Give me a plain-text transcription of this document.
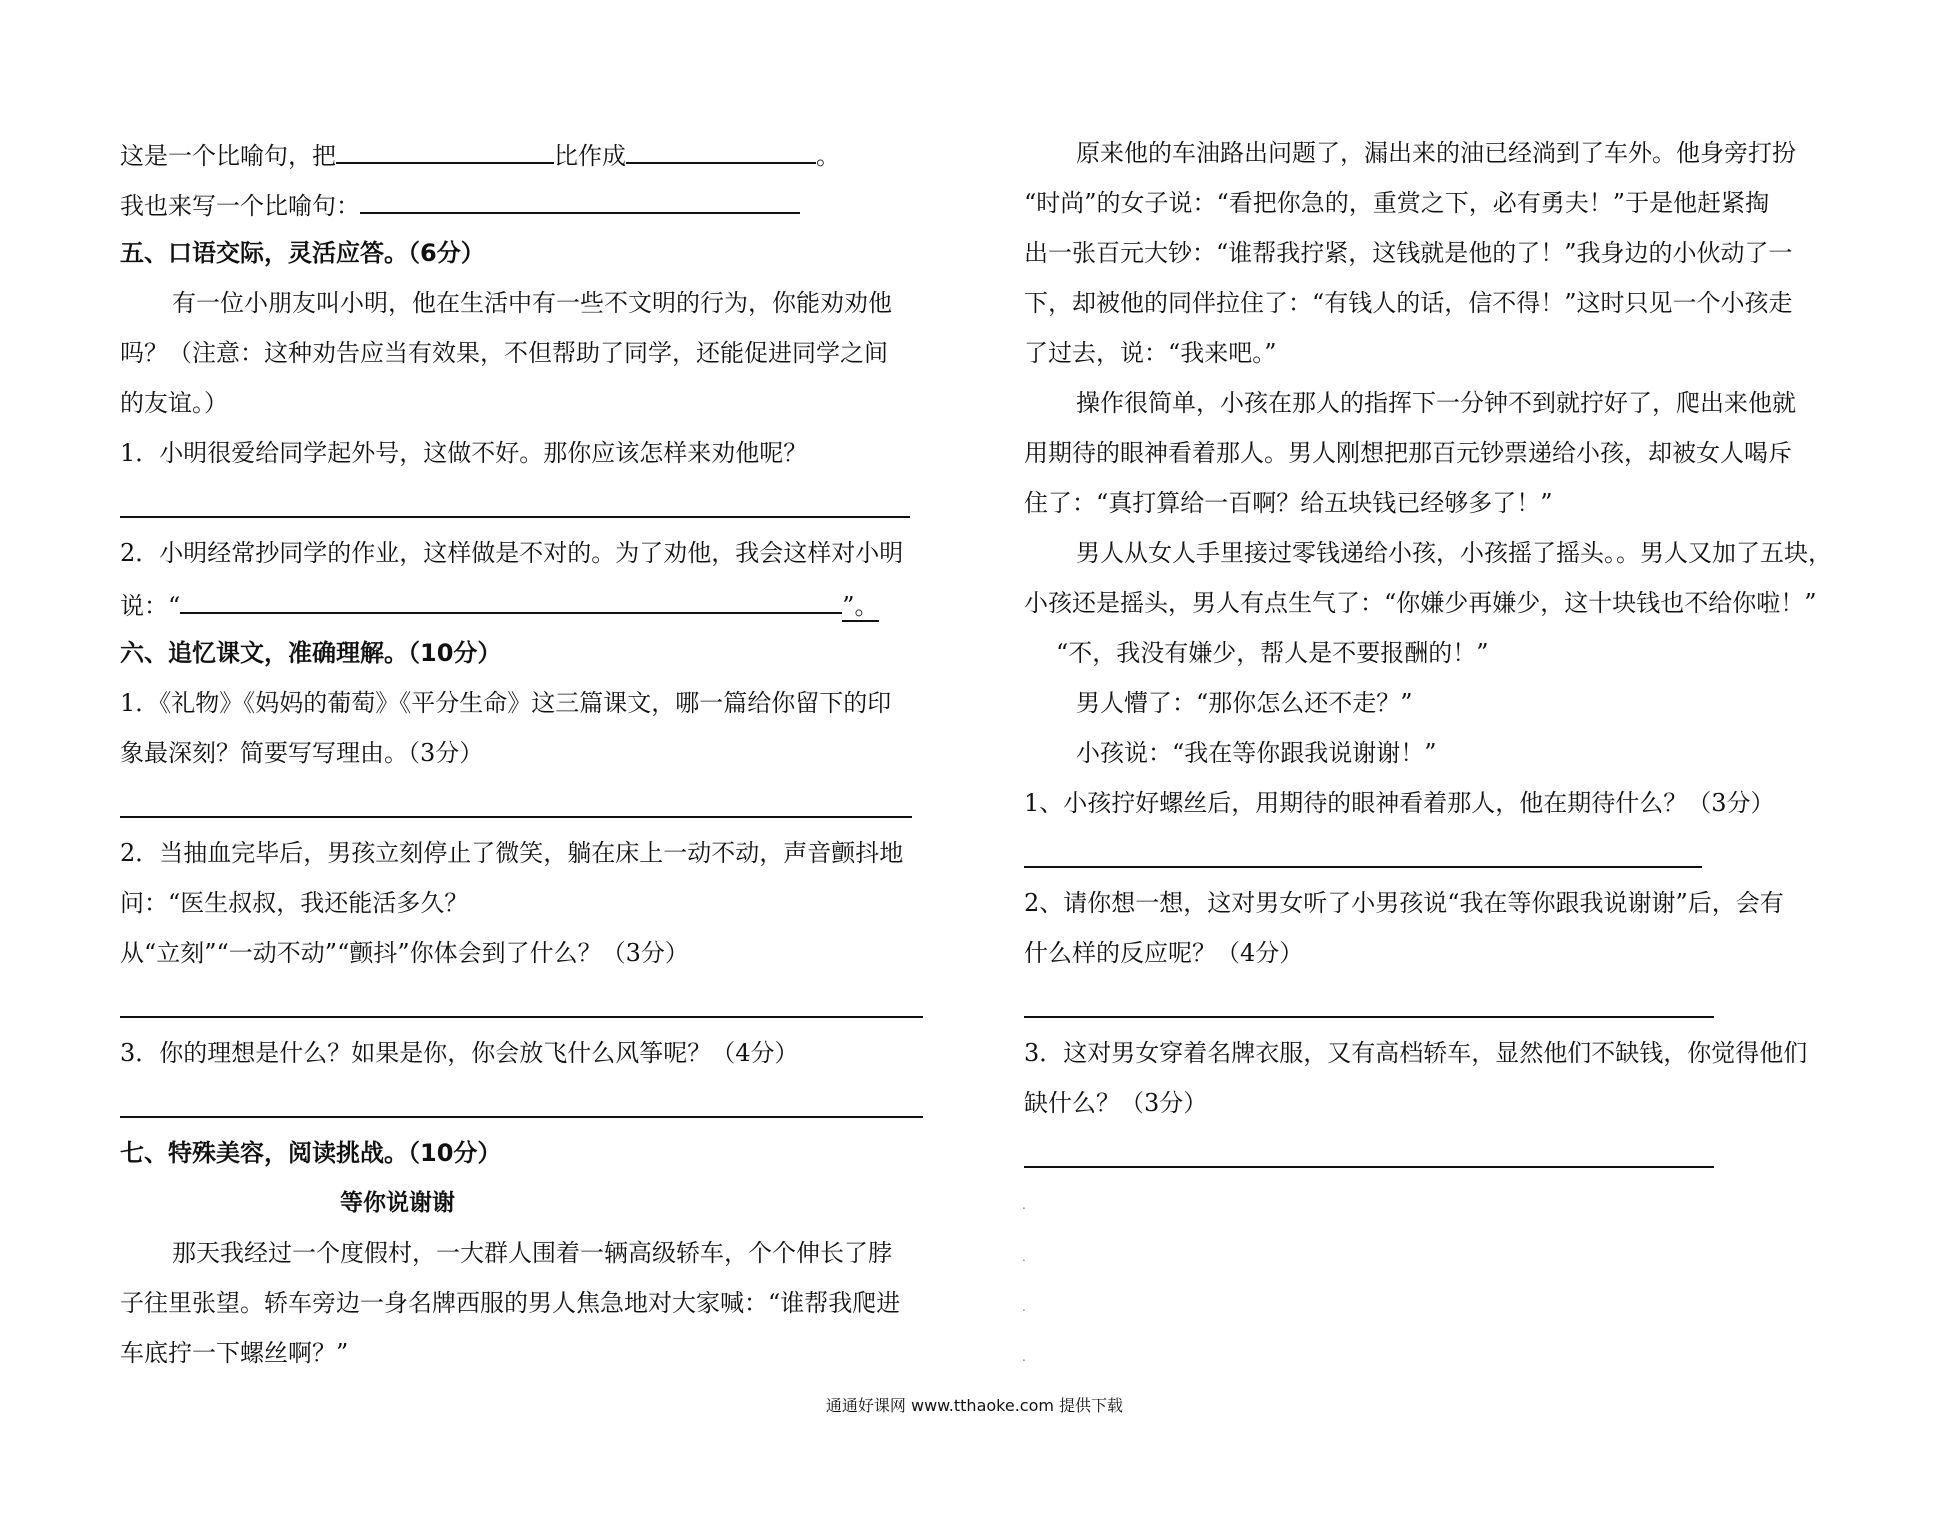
这是一个比喻句，把	比作成	。
我也来写一个比喻句：
五、口语交际，灵活应答。（6分）
有一位小朋友叫小明，他在生活中有一些不文明的行为，你能劝劝他
吗？（注意：这种劝告应当有效果，不但帮助了同学，还能促进同学之间
的友谊。）
1．小明很爱给同学起外号，这做不好。那你应该怎样来劝他呢？
2．小明经常抄同学的作业，这样做是不对的。为了劝他，我会这样对小明
说：“	”。
六、追忆课文，准确理解。（10分）
1．《礼物》《妈妈的葡萄》《平分生命》这三篇课文，哪一篇给你留下的印
象最深刻？简要写写理由。（3分）
2．当抽血完毕后，男孩立刻停止了微笑，躺在床上一动不动，声音颤抖地
问：“医生叔叔，我还能活多久？
从“立刻”“一动不动”“颤抖”你体会到了什么？（3分）
3．你的理想是什么？如果是你，你会放飞什么风筝呢？（4分）
七、特殊美容，阅读挑战。（10分）
等你说谢谢
那天我经过一个度假村，一大群人围着一辆高级轿车，个个伸长了脖
子往里张望。轿车旁边一身名牌西服的男人焦急地对大家喊：“谁帮我爬进
车底拧一下螺丝啊？”
原来他的车油路出问题了，漏出来的油已经淌到了车外。他身旁打扮
“时尚”的女子说：“看把你急的，重赏之下，必有勇夫！”于是他赶紧掏
出一张百元大钞：“谁帮我拧紧，这钱就是他的了！”我身边的小伙动了一
下，却被他的同伴拉住了：“有钱人的话，信不得！”这时只见一个小孩走
了过去，说：“我来吧。”
操作很简单，小孩在那人的指挥下一分钟不到就拧好了，爬出来他就
用期待的眼神看着那人。男人刚想把那百元钞票递给小孩，却被女人喝斥
住了：“真打算给一百啊？给五块钱已经够多了！”
男人从女人手里接过零钱递给小孩，小孩摇了摇头。。男人又加了五块，
小孩还是摇头，男人有点生气了：“你嫌少再嫌少，这十块钱也不给你啦！”
“不，我没有嫌少，帮人是不要报酬的！”
男人懵了：“那你怎么还不走？”
小孩说：“我在等你跟我说谢谢！”
1、小孩拧好螺丝后，用期待的眼神看着那人，他在期待什么？（3分）
2、请你想一想，这对男女听了小男孩说“我在等你跟我说谢谢”后，会有
什么样的反应呢？（4分）
3．这对男女穿着名牌衣服，又有高档轿车，显然他们不缺钱，你觉得他们
缺什么？（3分）
.
.
.
.
通通好课网 www.tthaoke.com 提供下载
